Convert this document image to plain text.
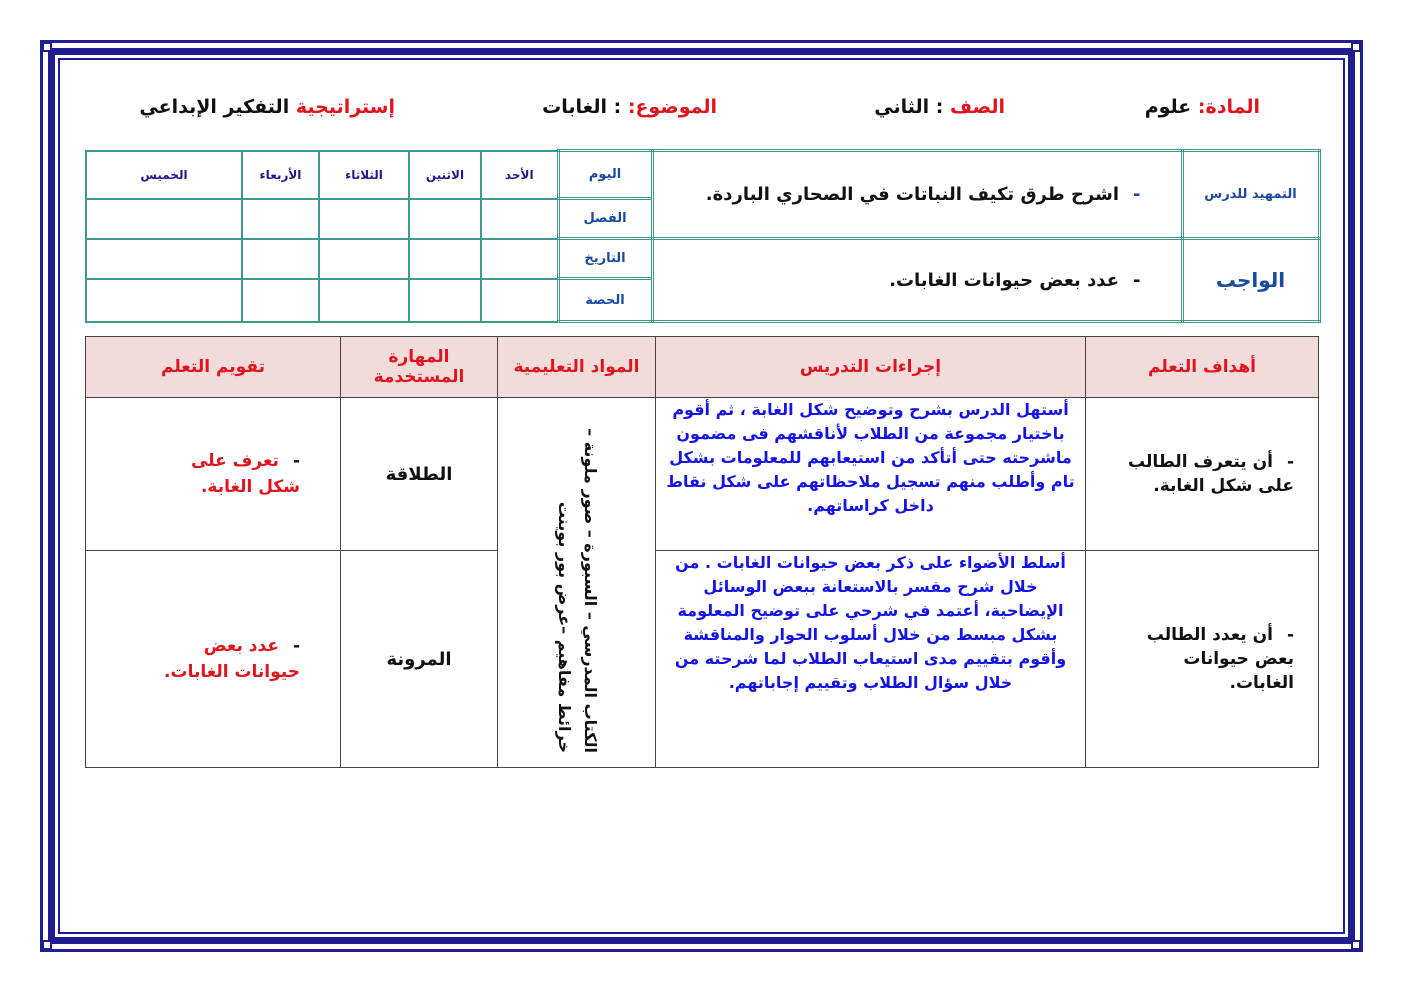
المادة: علوم
الصف : الثاني
الموضوع: : الغابات
إستراتيجية التفكير الإبداعي
التمهيد للدرس	-اشرح طرق تكيف النباتات في الصحاري الباردة.	اليوم	الأحد	الاثنين	الثلاثاء	الأربعاء	الخميس
		الفصل					
الواجب	-عدد بعض حيوانات الغابات.	التاريخ					
		الحصة					
أهداف التعلم	إجراءات التدريس	المواد التعليمية	المهارة المستخدمة	تقويم التعلم
-أن يتعرف الطالب على شكل الغابة.	أستهل الدرس بشرح وتوضيح شكل الغابة ، ثم أقوم باختيار مجموعة من الطلاب لأناقشهم فى مضمون ماشرحته حتى أتأكد من استيعابهم للمعلومات بشكل تام وأطلب منهم تسجيل ملاحظاتهم على شكل نقاط داخل كراساتهم.	الكتاب المدرسي – السبورة – صور ملونة – خرائط مفاهيم –عرض بور بوينت	الطلاقة	-تعرف على شكل الغابة.
-أن يعدد الطالب بعض حيوانات الغابات.	أسلط الأضواء على ذكر بعض حيوانات الغابات . من خلال شرح مفسر بالاستعانة ببعض الوسائل الإيضاحية، أعتمد في شرحي على توضيح المعلومة بشكل مبسط من خلال أسلوب الحوار والمناقشة وأقوم بتقييم مدى استيعاب الطلاب لما شرحته من خلال سؤال الطلاب وتقييم إجاباتهم.		المرونة	-عدد بعض حيوانات الغابات.
